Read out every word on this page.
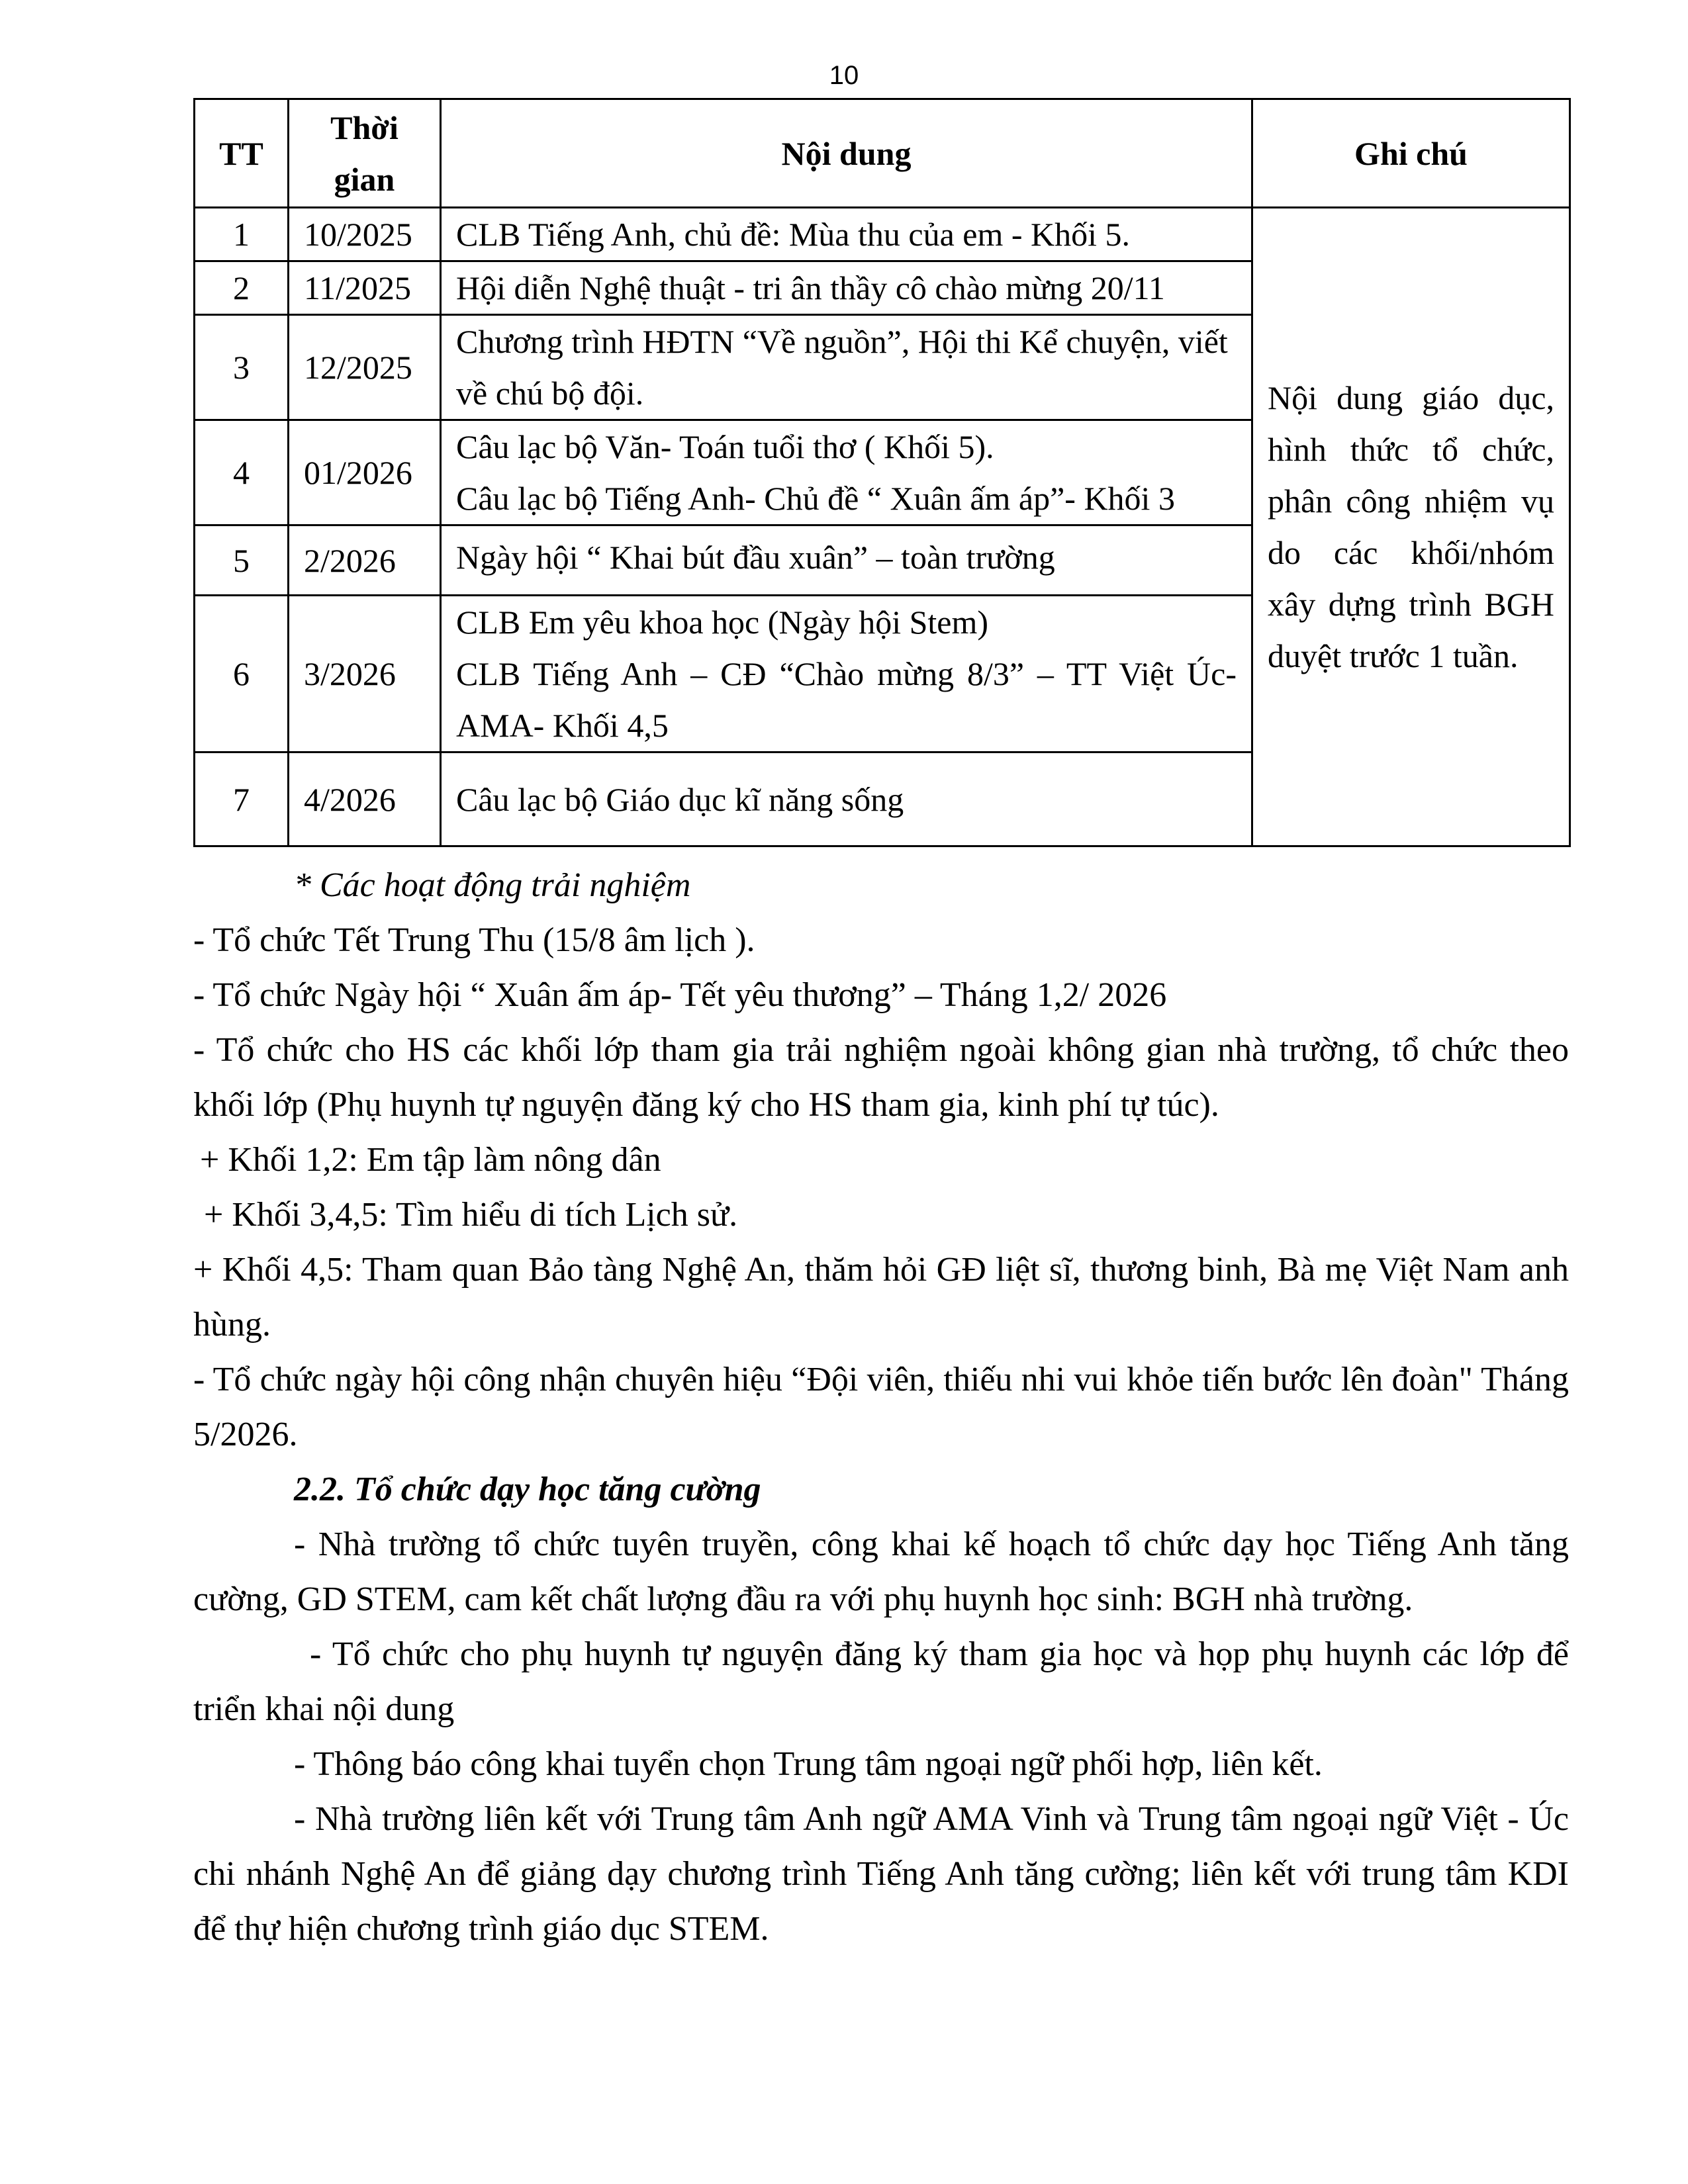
10
TT	Thời gian	Nội dung	Ghi chú
1	10/2025	CLB Tiếng Anh, chủ đề: Mùa thu của em - Khối 5.	Nội dung giáo dục, hình thức tổ chức, phân công nhiệm vụ do các khối/nhóm xây dựng trình BGH duyệt trước 1 tuần.
2	11/2025	Hội diễn Nghệ thuật - tri ân thầy cô chào mừng 20/11	
3	12/2025	Chương trình HĐTN “Về nguồn”, Hội thi Kể chuyện, viết về chú bộ đội.	
4	01/2026	Câu lạc bộ Văn- Toán tuổi thơ ( Khối 5).
Câu lạc bộ Tiếng Anh- Chủ đề “ Xuân ấm áp”- Khối 3	

5	2/2026	Ngày hội “ Khai bút đầu xuân” – toàn trường	
6	3/2026	CLB Em yêu khoa học (Ngày hội Stem)
CLB Tiếng Anh – CĐ “Chào mừng 8/3” – TT Việt Úc- AMA- Khối 4,5	

7	4/2026	Câu lạc bộ Giáo dục kĩ năng sống	
* Các hoạt động trải nghiệm
- Tổ chức Tết Trung Thu (15/8 âm lịch ).
- Tổ chức Ngày hội “ Xuân ấm áp- Tết yêu thương” – Tháng 1,2/ 2026
- Tổ chức cho HS các khối lớp tham gia trải nghiệm ngoài không gian nhà trường, tổ chức theo khối lớp (Phụ huynh tự nguyện đăng ký cho HS tham gia, kinh phí tự túc).
+ Khối 1,2: Em tập làm nông dân
+ Khối 3,4,5: Tìm hiểu di tích Lịch sử.
+ Khối 4,5: Tham quan Bảo tàng Nghệ An, thăm hỏi GĐ liệt sĩ, thương binh, Bà mẹ Việt Nam anh hùng.
- Tổ chức ngày hội công nhận chuyên hiệu “Đội viên, thiếu nhi vui khỏe tiến bước lên đoàn" Tháng 5/2026.
2.2. Tổ chức dạy học tăng cường
- Nhà trường tổ chức tuyên truyền, công khai kế hoạch tổ chức dạy học Tiếng Anh tăng cường, GD STEM, cam kết chất lượng đầu ra với phụ huynh học sinh: BGH nhà trường.
- Tổ chức cho phụ huynh tự nguyện đăng ký tham gia học và họp phụ huynh các lớp để triển khai nội dung
- Thông báo công khai tuyển chọn Trung tâm ngoại ngữ phối hợp, liên kết.
- Nhà trường liên kết với Trung tâm Anh ngữ AMA Vinh và Trung tâm ngoại ngữ Việt - Úc chi nhánh Nghệ An để giảng dạy chương trình Tiếng Anh tăng cường; liên kết với trung tâm KDI để thự hiện chương trình giáo dục STEM.
